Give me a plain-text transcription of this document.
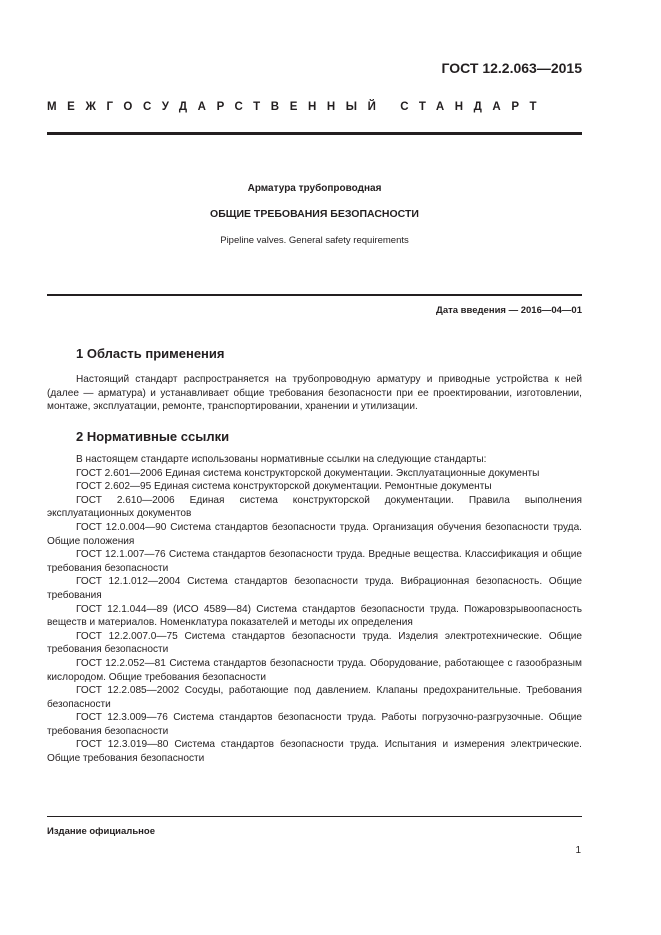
ГОСТ 12.2.063—2015
МЕЖГОСУДАРСТВЕННЫЙ СТАНДАРТ
Арматура трубопроводная
ОБЩИЕ ТРЕБОВАНИЯ БЕЗОПАСНОСТИ
Pipeline valves. General safety requirements
Дата введения — 2016—04—01
1 Область применения

Настоящий стандарт распространяется на трубопроводную арматуру и приводные устройства к ней (далее — арматура) и устанавливает общие требования безопасности при ее проектировании, изготовлении, монтаже, эксплуатации, ремонте, транспортировании, хранении и утилизации.

2 Нормативные ссылки

В настоящем стандарте использованы нормативные ссылки на следующие стандарты:

ГОСТ 2.601—2006 Единая система конструкторской документации. Эксплуатационные документы

ГОСТ 2.602—95 Единая система конструкторской документации. Ремонтные документы

ГОСТ 2.610—2006 Единая система конструкторской документации. Правила выполнения эксплуатационных документов

ГОСТ 12.0.004—90 Система стандартов безопасности труда. Организация обучения безопасности труда. Общие положения

ГОСТ 12.1.007—76 Система стандартов безопасности труда. Вредные вещества. Классификация и общие требования безопасности

ГОСТ 12.1.012—2004 Система стандартов безопасности труда. Вибрационная безопасность. Общие требования

ГОСТ 12.1.044—89 (ИСО 4589—84) Система стандартов безопасности труда. Пожаровзрывоопасность веществ и материалов. Номенклатура показателей и методы их определения

ГОСТ 12.2.007.0—75 Система стандартов безопасности труда. Изделия электротехнические. Общие требования безопасности

ГОСТ 12.2.052—81 Система стандартов безопасности труда. Оборудование, работающее с газообразным кислородом. Общие требования безопасности

ГОСТ 12.2.085—2002 Сосуды, работающие под давлением. Клапаны предохранительные. Требования безопасности

ГОСТ 12.3.009—76 Система стандартов безопасности труда. Работы погрузочно-разгрузочные. Общие требования безопасности

ГОСТ 12.3.019—80 Система стандартов безопасности труда. Испытания и измерения электрические. Общие требования безопасности

Издание официальное
1
